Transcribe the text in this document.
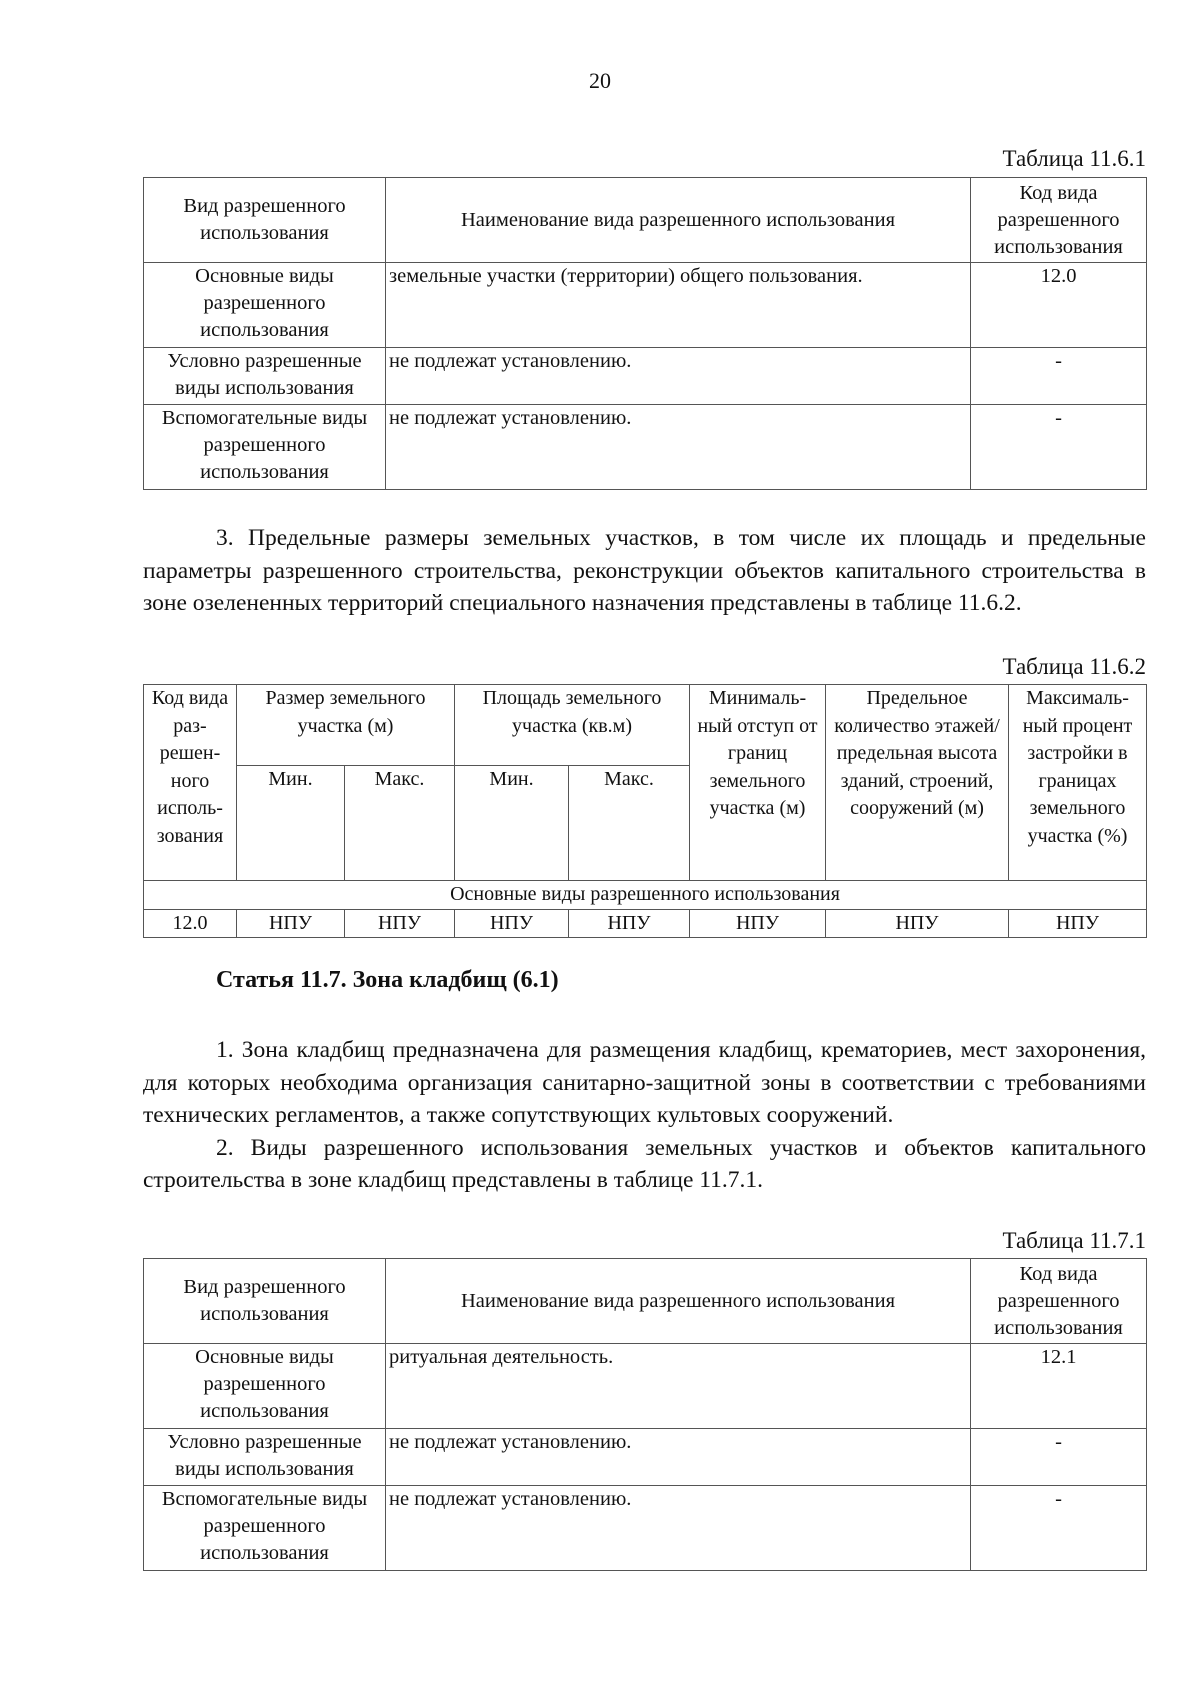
20
Таблица 11.6.1
Вид разрешенного использования	Наименование вида разрешенного использования	Код вида разрешенного использования
Основные виды разрешенного использования	земельные участки (территории) общего пользования.	12.0
Условно разрешенные виды использования	не подлежат установлению.	-
Вспомогательные виды разрешенного использования	не подлежат установлению.	-

3. Предельные размеры земельных участков, в том числе их площадь и предельные параметры разрешенного строительства, реконструкции объектов капитального строительства в зоне озелененных территорий специального назначения представлены в таблице 11.6.2.

Таблица 11.6.2
Код вида раз-решен-ного исполь-зования	Размер земельного участка (м)		Площадь земельного участка (кв.м)		Минималь-ный отступ от границ земельного участка (м)	Предельное количество этажей/ предельная высота зданий, строений, сооружений (м)	Максималь-ный процент застройки в границах земельного участка (%)
	Мин.	Макс.	Мин.	Макс.			
Основные виды разрешенного использования							
12.0	НПУ	НПУ	НПУ	НПУ	НПУ	НПУ	НПУ
Статья 11.7. Зона кладбищ (6.1)

1. Зона кладбищ предназначена для размещения кладбищ, крематориев, мест захоронения, для которых необходима организация санитарно-защитной зоны в соответствии с требованиями технических регламентов, а также сопутствующих культовых сооружений.

2. Виды разрешенного использования земельных участков и объектов капитального строительства в зоне кладбищ представлены в таблице 11.7.1.

Таблица 11.7.1
Вид разрешенного использования	Наименование вида разрешенного использования	Код вида разрешенного использования
Основные виды разрешенного использования	ритуальная деятельность.	12.1
Условно разрешенные виды использования	не подлежат установлению.	-
Вспомогательные виды разрешенного использования	не подлежат установлению.	-
